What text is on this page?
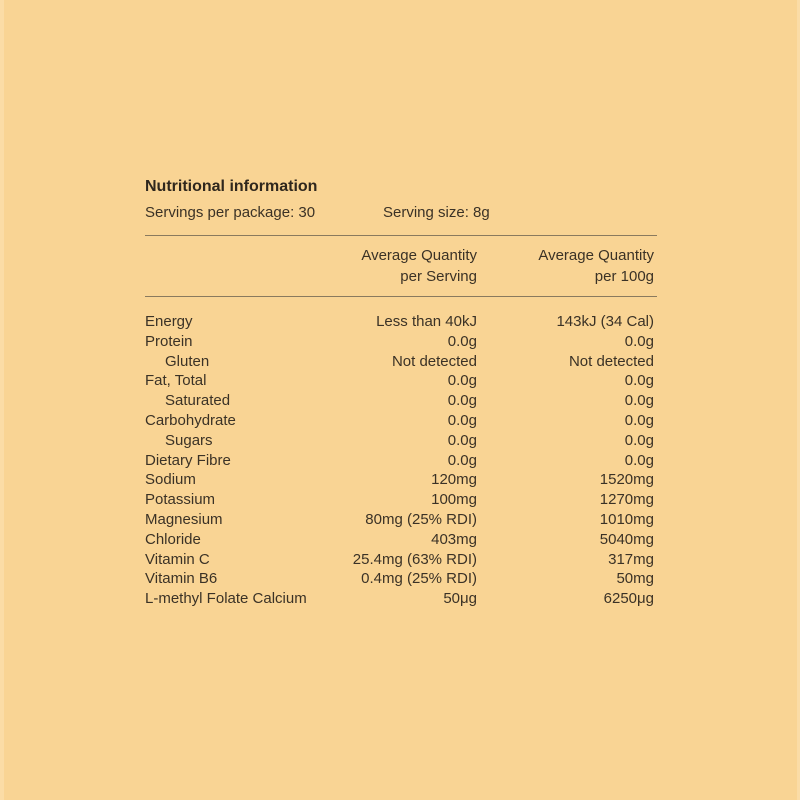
Nutritional information
Servings per package: 30	Serving size: 8g
Average Quantity
per Serving
Average Quantity
per 100g
Energy	Less than 40kJ	143kJ (34 Cal)
Protein	0.0g	0.0g
Gluten	Not detected	Not detected
Fat, Total	0.0g	0.0g
Saturated	0.0g	0.0g
Carbohydrate	0.0g	0.0g
Sugars	0.0g	0.0g
Dietary Fibre	0.0g	0.0g
Sodium	120mg	1520mg
Potassium	100mg	1270mg
Magnesium	80mg (25% RDI)	1010mg
Chloride	403mg	5040mg
Vitamin C	25.4mg (63% RDI)	317mg
Vitamin B6	0.4mg (25% RDI)	50mg
L-methyl Folate Calcium	50μg	6250μg
